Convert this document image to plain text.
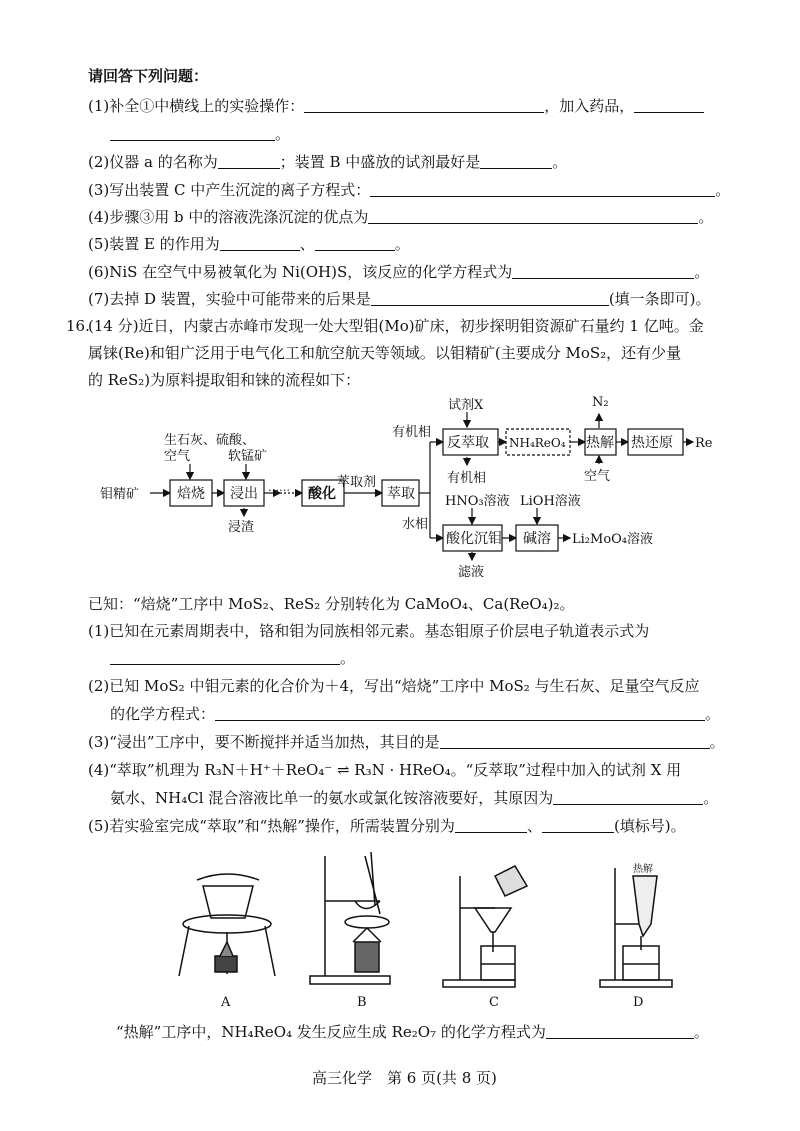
请回答下列问题：
(1)补全①中横线上的实验操作：	，加入药品，
。
(2)仪器 a 的名称为	；装置 B 中盛放的试剂最好是	。
(3)写出装置 C 中产生沉淀的离子方程式：	。
(4)步骤③用 b 中的溶液洗涤沉淀的优点为	。
(5)装置 E 的作用为	、	。
(6)NiS 在空气中易被氧化为 Ni(OH)S，该反应的化学方程式为	。
(7)去掉 D 装置，实验中可能带来的后果是	(填一条即可)。
16.
(14 分)近日，内蒙古赤峰市发现一处大型钼(Mo)矿床，初步探明钼资源矿石量约 1 亿吨。金
属铼(Re)和钼广泛用于电气化工和航空航天等领域。以钼精矿(主要成分 MoS₂，还有少量
的 ReS₂)为原料提取钼和铼的流程如下：
钼精矿
生石灰、硫酸、
空气	软锰矿
焙烧 浸出 ……
浸渣
酸化
萃取剂
萃取
有机相
水相
试剂X
反萃取
有机相
NH₄ReO₄
N₂
热解
空气
热还原 Re
HNO₃溶液 LiOH溶液
酸化沉钼 碱溶 Li₂MoO₄溶液
滤液
已知：“焙烧”工序中 MoS₂、ReS₂ 分别转化为 CaMoO₄、Ca(ReO₄)₂。
(1)已知在元素周期表中，铬和钼为同族相邻元素。基态钼原子价层电子轨道表示式为
。
(2)已知 MoS₂ 中钼元素的化合价为＋4，写出“焙烧”工序中 MoS₂ 与生石灰、足量空气反应
的化学方程式：	。
(3)“浸出”工序中，要不断搅拌并适当加热，其目的是	。
(4)“萃取”机理为 R₃N＋H⁺＋ReO₄⁻ ⇌ R₃N · HReO₄。“反萃取”过程中加入的试剂 X 用
氨水、NH₄Cl 混合溶液比单一的氨水或氯化铵溶液要好，其原因为	。
(5)若实验室完成“萃取”和“热解”操作，所需装置分别为	、	(填标号)。
A	B	C	D
热解
“热解”工序中，NH₄ReO₄ 发生反应生成 Re₂O₇ 的化学方程式为	。
高三化学　第 6 页(共 8 页)
